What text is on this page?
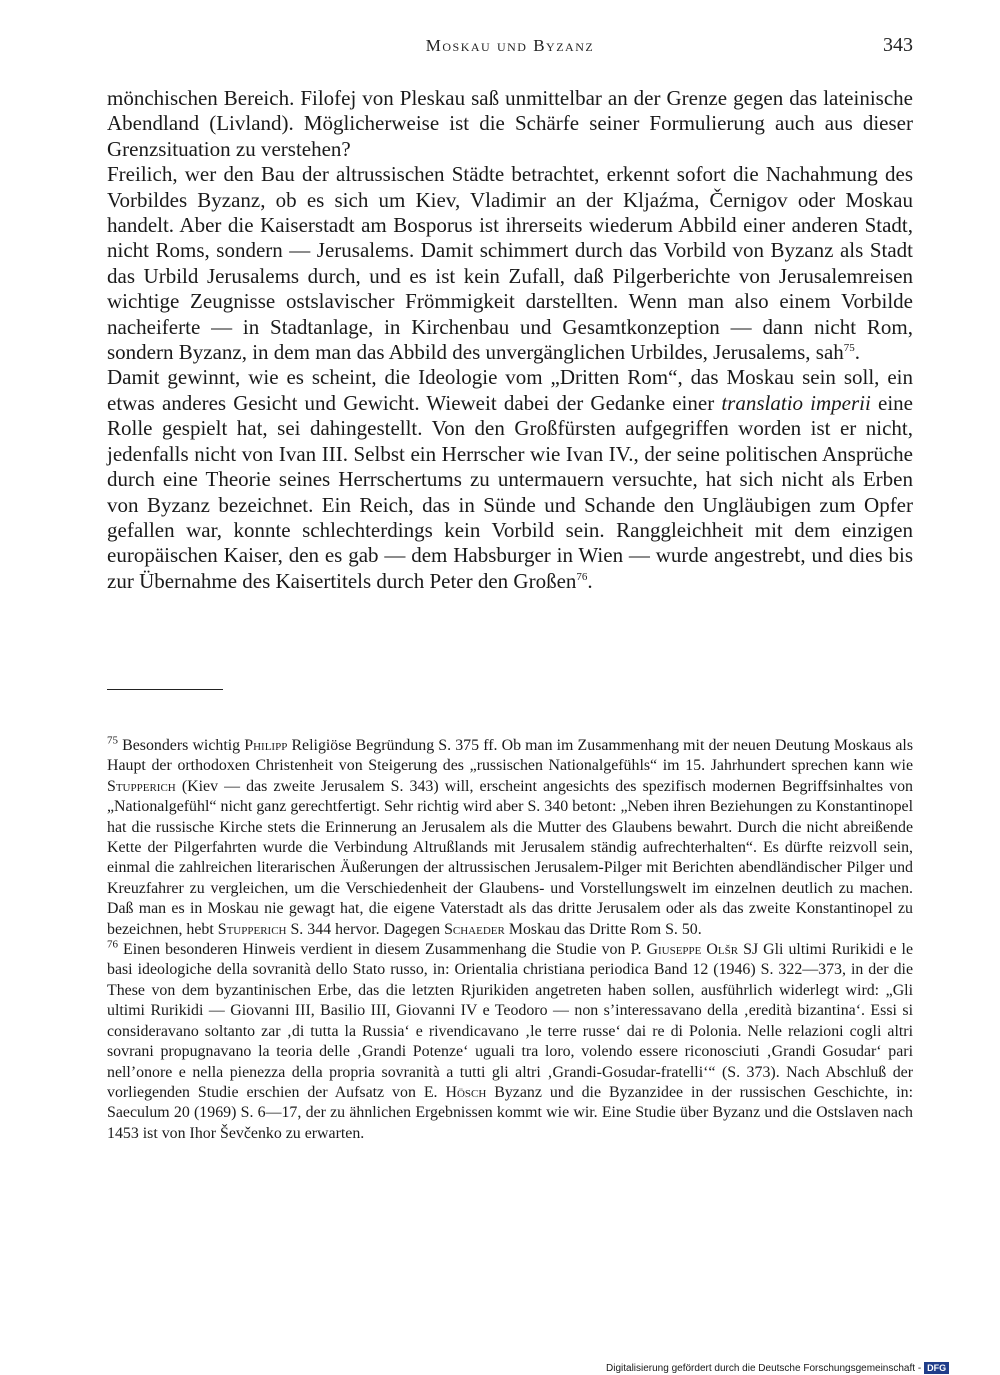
Moskau und Byzanz	343

mönchischen Bereich. Filofej von Pleskau saß unmittelbar an der Grenze gegen das lateinische Abendland (Livland). Möglicherweise ist die Schärfe seiner Formulierung auch aus dieser Grenzsituation zu verstehen?

Freilich, wer den Bau der altrussischen Städte betrachtet, erkennt sofort die Nachahmung des Vorbildes Byzanz, ob es sich um Kiev, Vladimir an der Kljaźma, Černigov oder Moskau handelt. Aber die Kaiserstadt am Bosporus ist ihrerseits wiederum Abbild einer anderen Stadt, nicht Roms, sondern — Jerusalems. Damit schimmert durch das Vorbild von Byzanz als Stadt das Urbild Jerusalems durch, und es ist kein Zufall, daß Pilgerberichte von Jerusalemreisen wichtige Zeugnisse ostslavischer Frömmigkeit darstellten. Wenn man also einem Vorbilde nacheiferte — in Stadtanlage, in Kirchenbau und Gesamtkonzeption — dann nicht Rom, sondern Byzanz, in dem man das Abbild des unvergänglichen Urbildes, Jerusalems, sah$^{75}$.

Damit gewinnt, wie es scheint, die Ideologie vom „Dritten Rom“, das Moskau sein soll, ein etwas anderes Gesicht und Gewicht. Wieweit dabei der Gedanke einer translatio imperii eine Rolle gespielt hat, sei dahingestellt. Von den Großfürsten aufgegriffen worden ist er nicht, jedenfalls nicht von Ivan III. Selbst ein Herrscher wie Ivan IV., der seine politischen Ansprüche durch eine Theorie seines Herrschertums zu untermauern versuchte, hat sich nicht als Erben von Byzanz bezeichnet. Ein Reich, das in Sünde und Schande den Ungläubigen zum Opfer gefallen war, konnte schlechterdings kein Vorbild sein. Ranggleichheit mit dem einzigen europäischen Kaiser, den es gab — dem Habsburger in Wien — wurde angestrebt, und dies bis zur Übernahme des Kaisertitels durch Peter den Großen$^{76}$.

$^{75}$ Besonders wichtig Philipp Religiöse Begründung S. 375 ff. Ob man im Zusammenhang mit der neuen Deutung Moskaus als Haupt der orthodoxen Christenheit von Steigerung des „russischen Nationalgefühls“ im 15. Jahrhundert sprechen kann wie Stupperich (Kiev — das zweite Jerusalem S. 343) will, erscheint angesichts des spezifisch modernen Begriffsinhaltes von „Nationalgefühl“ nicht ganz gerechtfertigt. Sehr richtig wird aber S. 340 betont: „Neben ihren Beziehungen zu Konstantinopel hat die russische Kirche stets die Erinnerung an Jerusalem als die Mutter des Glaubens bewahrt. Durch die nicht abreißende Kette der Pilgerfahrten wurde die Verbindung Altrußlands mit Jerusalem ständig aufrechterhalten“. Es dürfte reizvoll sein, einmal die zahlreichen literarischen Äußerungen der altrussischen Jerusalem-Pilger mit Berichten abendländischer Pilger und Kreuzfahrer zu vergleichen, um die Verschiedenheit der Glaubens- und Vorstellungswelt im einzelnen deutlich zu machen. Daß man es in Moskau nie gewagt hat, die eigene Vaterstadt als das dritte Jerusalem oder als das zweite Konstantinopel zu bezeichnen, hebt Stupperich S. 344 hervor. Dagegen Schaeder Moskau das Dritte Rom S. 50.

$^{76}$ Einen besonderen Hinweis verdient in diesem Zusammenhang die Studie von P. Giuseppe Olšr SJ Gli ultimi Rurikidi e le basi ideologiche della sovranità dello Stato russo, in: Orientalia christiana periodica Band 12 (1946) S. 322—373, in der die These von dem byzantinischen Erbe, das die letzten Rjurikiden angetreten haben sollen, ausführlich widerlegt wird: „Gli ultimi Rurikidi — Giovanni III, Basilio III, Giovanni IV e Teodoro — non s’interessavano della ‚eredità bizantina‘. Essi si consideravano soltanto zar ‚di tutta la Russia‘ e rivendicavano ‚le terre russe‘ dai re di Polonia. Nelle relazioni cogli altri sovrani propugnavano la teoria delle ‚Grandi Potenze‘ uguali tra loro, volendo essere riconosciuti ‚Grandi Gosudar‘ pari nell’onore e nella pienezza della propria sovranità a tutti gli altri ‚Grandi-Gosudar-fratelli‘“ (S. 373). Nach Abschluß der vorliegenden Studie erschien der Aufsatz von E. Hösch Byzanz und die Byzanzidee in der russischen Geschichte, in: Saeculum 20 (1969) S. 6—17, der zu ähnlichen Ergebnissen kommt wie wir. Eine Studie über Byzanz und die Ostslaven nach 1453 ist von Ihor Ševčenko zu erwarten.

Digitalisierung gefördert durch die Deutsche Forschungsgemeinschaft - DFG
